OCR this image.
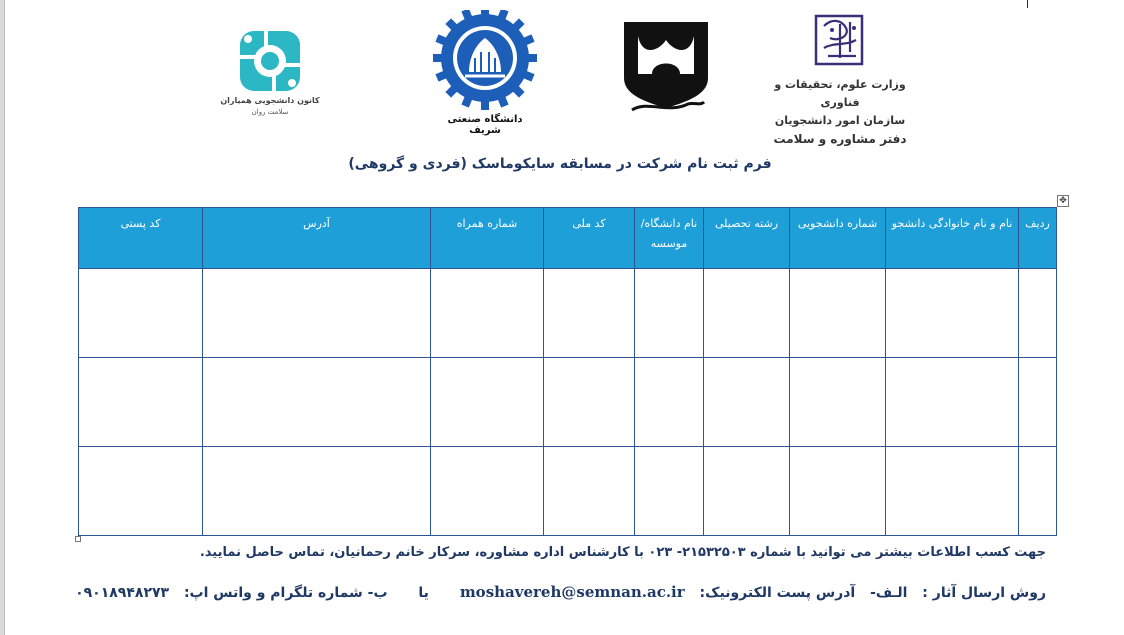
وزارت علوم، تحقیقات و فناوری
سازمان امور دانشجویان
دفتر مشاوره و سلامت
دانشگاه صنعتی شریف
کانون دانشجویی همیاران
سلامت روان
فرم ثبت نام شرکت در مسابقه سایکوماسک (فردی و گروهی)
✥
ردیف	نام و نام خانوادگی دانشجو	شماره دانشجویی	رشته تحصیلی	نام دانشگاه/ موسسه	کد ملی	شماره همراه	آدرس	کد پستی

جهت کسب اطلاعات بیشتر می توانید با شماره ۲۱۵۳۲۵۰۳- ۰۲۳ با کارشناس اداره مشاوره، سرکار خانم رحمانیان، تماس حاصل نمایید.
روش ارسال آثار : الـف- آدرس پست الکترونیک: moshavereh@semnan.ac.ir یا ب- شماره تلگرام و واتس اپ: ۰۹۰۱۸۹۴۸۲۷۳
